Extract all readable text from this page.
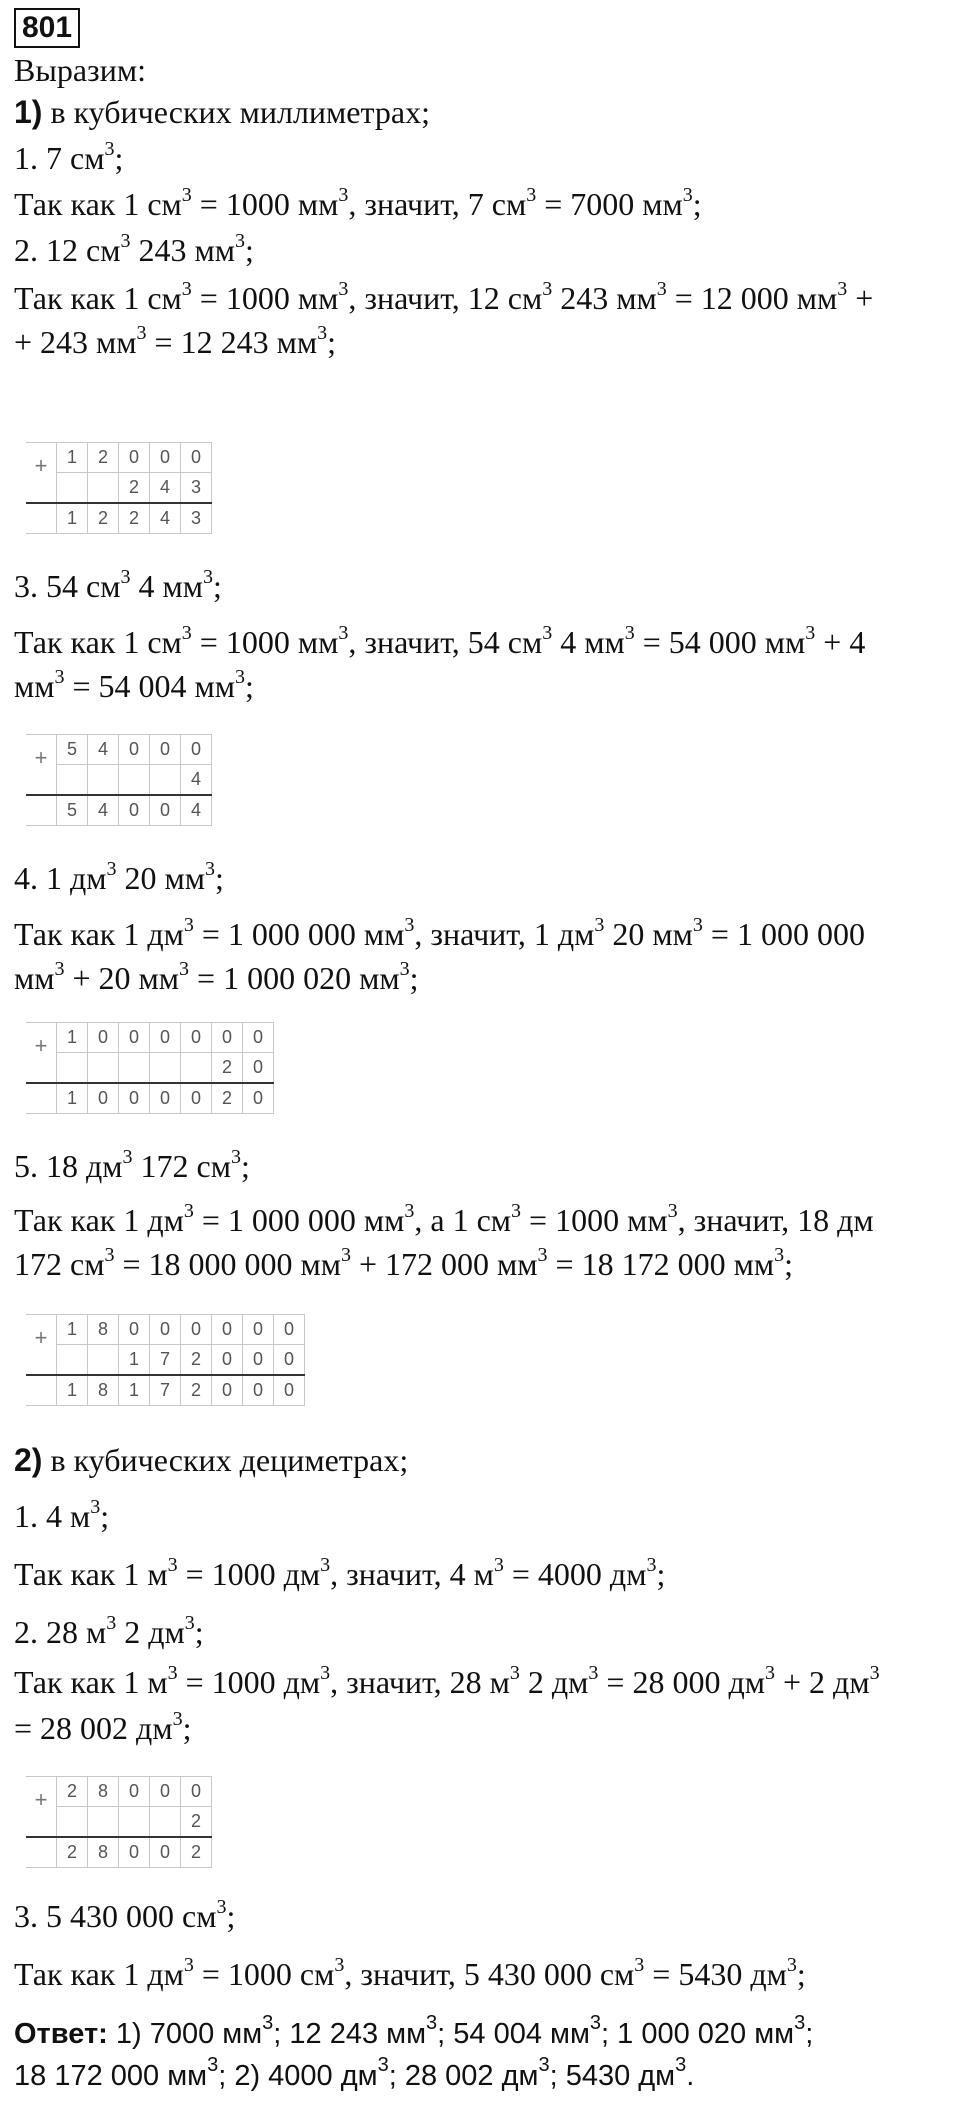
801
Выразим:
1) в кубических миллиметрах;
1. 7 $см^3$;
Так как 1 $см^3 = 1000$ $мм^3$, значит, 7 $см^3 = 7000$ $мм^3$;
2. 12 $см^3$ 243 $мм^3$;
Так как 1 $см^3 = 1000$ $мм^3$, значит, 12 $см^3$ 243 $мм^3 = 12$ 000 $мм^3$ +
+ 243 $мм^3 = 12$ 243 $мм^3$;
+	1	2	0	0	0
			2	4	3
	1	2	2	4	3
3. 54 $см^3$ 4 $мм^3$;
Так как 1 $см^3 = 1000$ $мм^3$, значит, 54 $см^3$ 4 $мм^3 = 54$ 000 $мм^3 + 4$
$мм^3 = 54$ 004 $мм^3$;
+	5	4	0	0	0
					4
	5	4	0	0	4
4. 1 $дм^3$ 20 $мм^3$;
Так как 1 $дм^3 = 1$ 000 000 $мм^3$, значит, 1 $дм^3$ 20 $мм^3 = 1$ 000 000
$мм^3 + 20$ $мм^3 = 1$ 000 020 $мм^3$;
+	1	0	0	0	0	0	0
						2	0
	1	0	0	0	0	2	0
5. 18 $дм^3$ 172 $см^3$;
Так как 1 $дм^3 = 1$ 000 000 $мм^3$, а 1 $см^3 = 1000$ $мм^3$, значит, 18 дм
172 $см^3 = 18$ 000 000 $мм^3 + 172$ 000 $мм^3 = 18$ 172 000 $мм^3$;
+	1	8	0	0	0	0	0	0
			1	7	2	0	0	0
	1	8	1	7	2	0	0	0
2) в кубических дециметрах;
1. 4 $м^3$;
Так как 1 $м^3 = 1000$ $дм^3$, значит, 4 $м^3 = 4000$ $дм^3$;
2. 28 $м^3$ 2 $дм^3$;
Так как 1 $м^3 = 1000$ $дм^3$, значит, 28 $м^3$ 2 $дм^3 = 28$ 000 $дм^3 + 2$ $дм^3$
= 28 002 $дм^3$;
+	2	8	0	0	0
					2
	2	8	0	0	2
3. 5 430 000 $см^3$;
Так как 1 $дм^3 = 1000$ $см^3$, значит, 5 430 000 $см^3 = 5430$ $дм^3$;
Ответ: 1) 7000 $мм^3$; 12 243 $мм^3$; 54 004 $мм^3$; 1 000 020 $мм^3$;
18 172 000 $мм^3$; 2) 4000 $дм^3$; 28 002 $дм^3$; 5430 $дм^3$.
